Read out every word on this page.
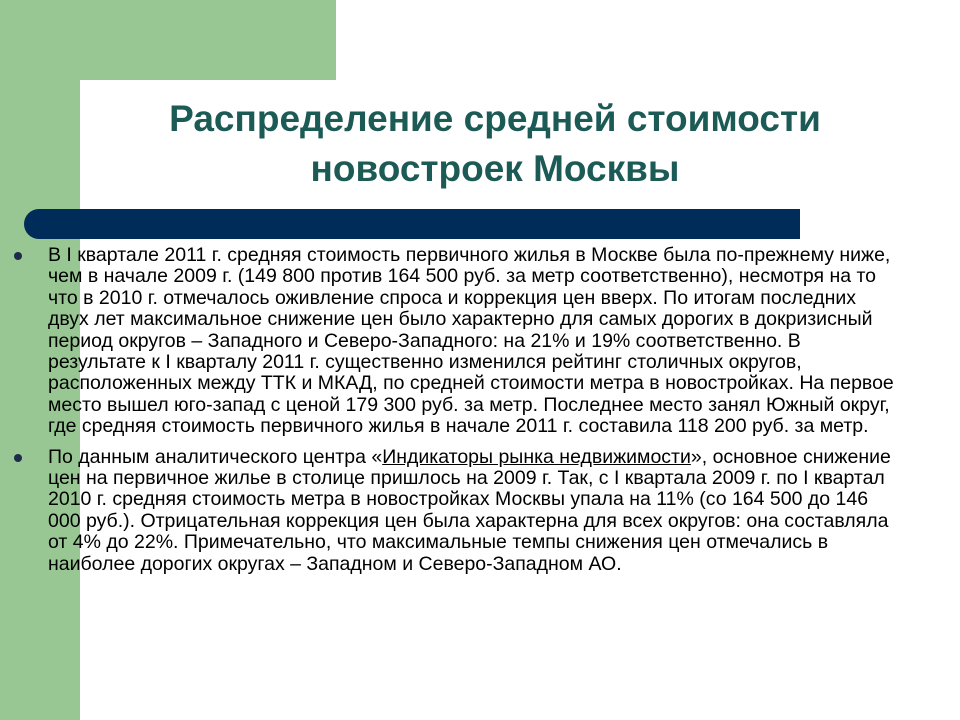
Распределение средней стоимости новостроек Москвы
В I квартале 2011 г. средняя стоимость первичного жилья в Москве была по-прежнему ниже, чем в начале 2009 г. (149 800 против 164 500 руб. за метр соответственно), несмотря на то что в 2010 г. отмечалось оживление спроса и коррекция цен вверх. По итогам последних двух лет максимальное снижение цен было характерно для самых дорогих в докризисный период округов – Западного и Северо-Западного: на 21% и 19% соответственно. В результате к I кварталу 2011 г. существенно изменился рейтинг столичных округов, расположенных между ТТК и МКАД, по средней стоимости метра в новостройках. На первое место вышел юго-запад с ценой 179 300 руб. за метр. Последнее место занял Южный округ, где средняя стоимость первичного жилья в начале 2011 г. составила 118 200 руб. за метр.
По данным аналитического центра «Индикаторы рынка недвижимости», основное снижение цен на первичное жилье в столице пришлось на 2009 г. Так, с I квартала 2009 г. по I квартал 2010 г. средняя стоимость метра в новостройках Москвы упала на 11% (со 164 500 до 146 000 руб.). Отрицательная коррекция цен была характерна для всех округов: она составляла от 4% до 22%. Примечательно, что максимальные темпы снижения цен отмечались в наиболее дорогих округах – Западном и Северо-Западном АО.
